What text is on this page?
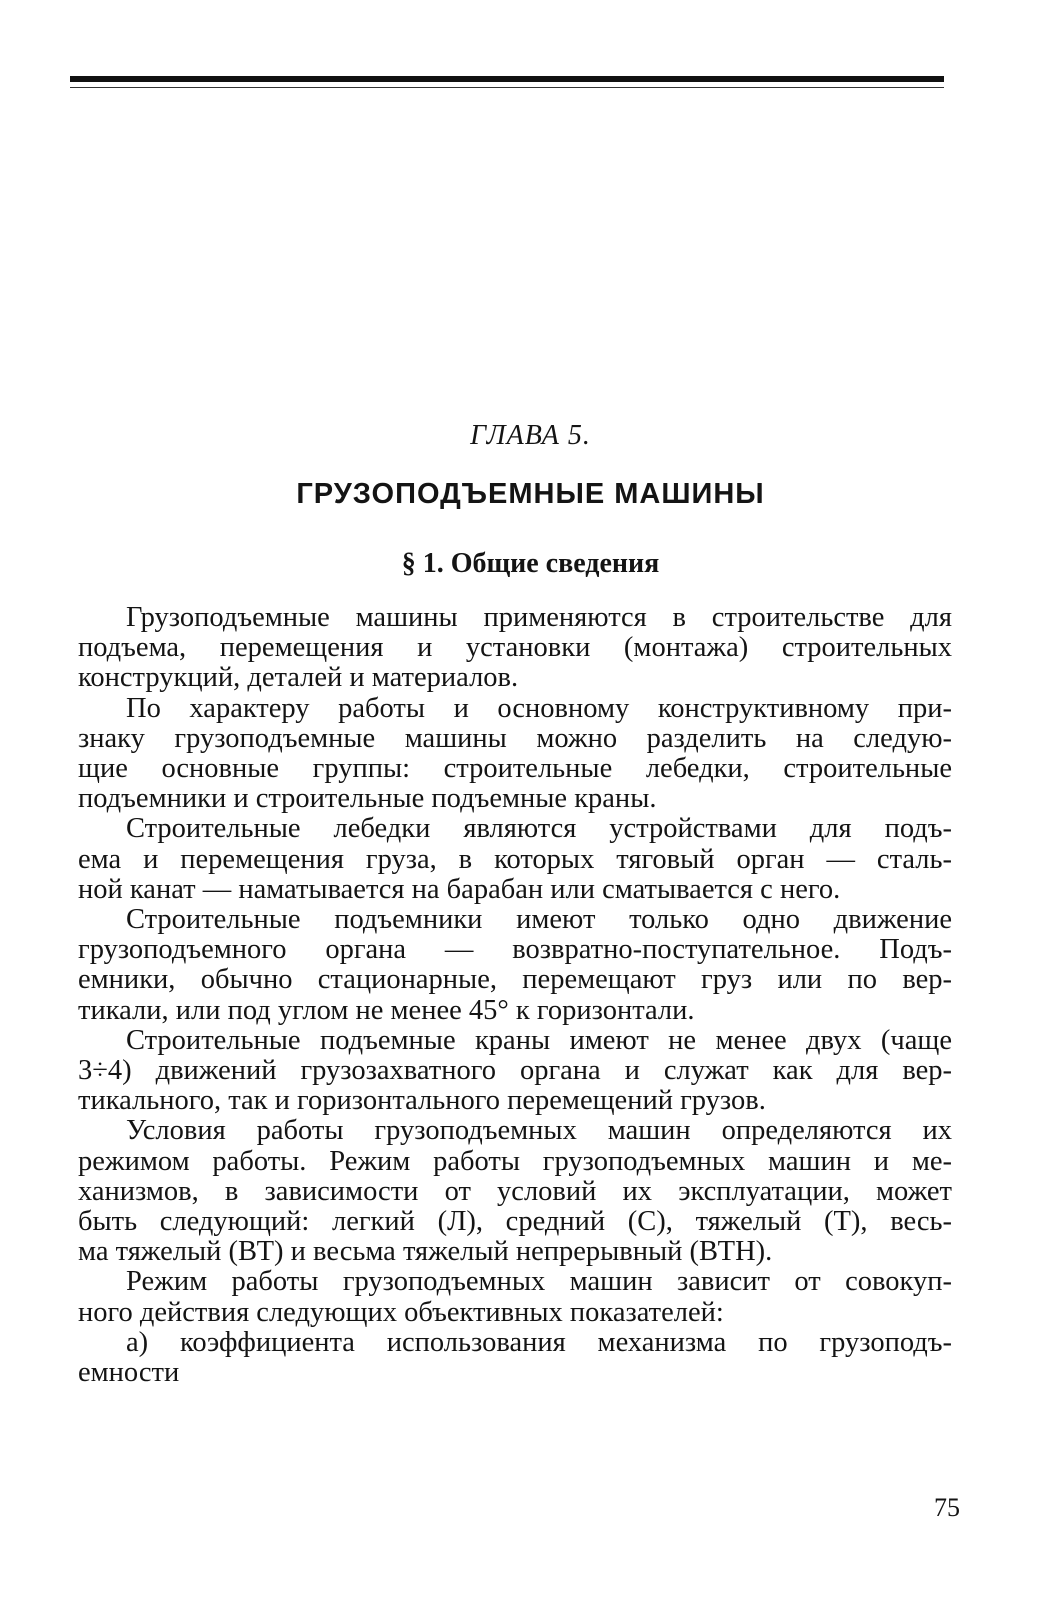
ГЛАВА 5.
ГРУЗОПОДЪЕМНЫЕ МАШИНЫ
§ 1. Общие сведения
Грузоподъемные машины применяются в строительстве для
подъема, перемещения и установки (монтажа) строительных
конструкций, деталей и материалов.
По характеру работы и основному конструктивному при-
знаку грузоподъемные машины можно разделить на следую-
щие основные группы: строительные лебедки, строительные
подъемники и строительные подъемные краны.
Строительные лебедки являются устройствами для подъ-
ема и перемещения груза, в которых тяговый орган — сталь-
ной канат — наматывается на барабан или сматывается с него.
Строительные подъемники имеют только одно движение
грузоподъемного органа — возвратно-поступательное. Подъ-
емники, обычно стационарные, перемещают груз или по вер-
тикали, или под углом не менее 45° к горизонтали.
Строительные подъемные краны имеют не менее двух (чаще
3÷4) движений грузозахватного органа и служат как для вер-
тикального, так и горизонтального перемещений грузов.
Условия работы грузоподъемных машин определяются их
режимом работы. Режим работы грузоподъемных машин и ме-
ханизмов, в зависимости от условий их эксплуатации, может
быть следующий: легкий (Л), средний (С), тяжелый (Т), весь-
ма тяжелый (ВТ) и весьма тяжелый непрерывный (ВТН).
Режим работы грузоподъемных машин зависит от совокуп-
ного действия следующих объективных показателей:
а) коэффициента использования механизма по грузоподъ-
емности
75
